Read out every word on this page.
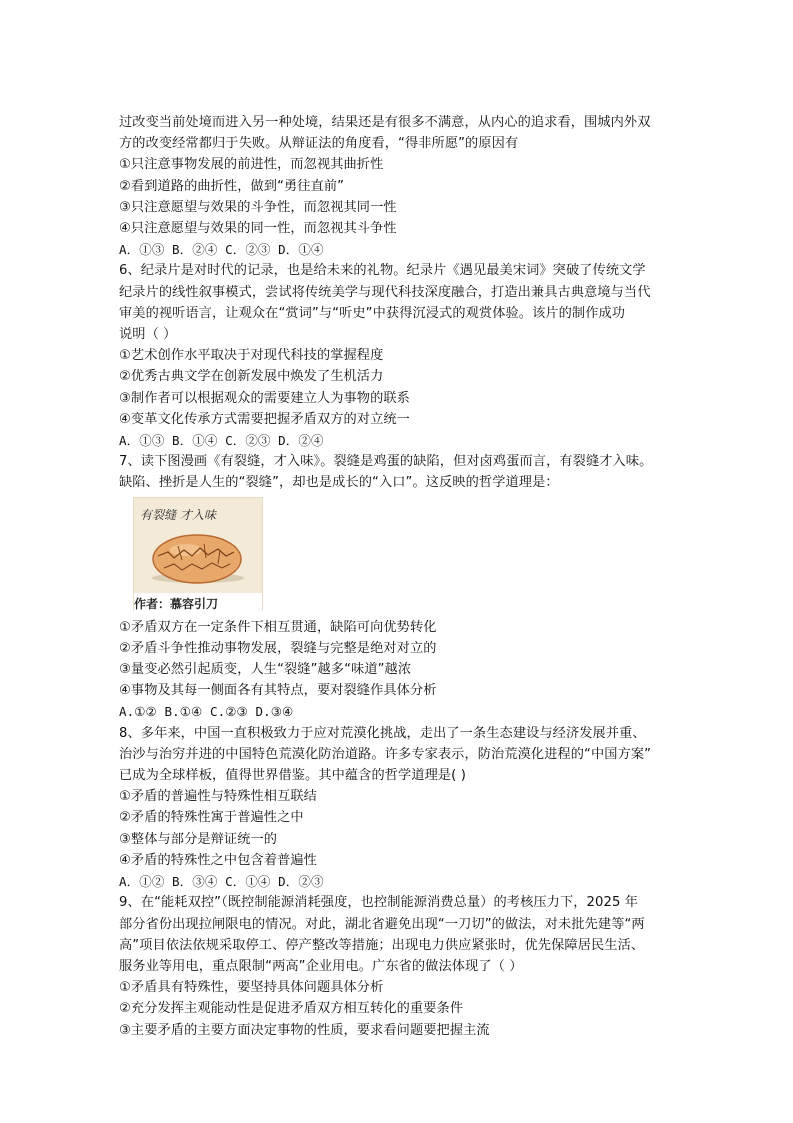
过改变当前处境而进入另一种处境，结果还是有很多不满意，从内心的追求看，围城内外双
方的改变经常都归于失败。从辩证法的角度看，“得非所愿”的原因有
①只注意事物发展的前进性，而忽视其曲折性
②看到道路的曲折性，做到“勇往直前”
③只注意愿望与效果的斗争性，而忽视其同一性
④只注意愿望与效果的同一性，而忽视其斗争性
A．①③ B．②④ C．②③ D．①④
6、纪录片是对时代的记录，也是给未来的礼物。纪录片《遇见最美宋词》突破了传统文学
纪录片的线性叙事模式，尝试将传统美学与现代科技深度融合，打造出兼具古典意境与当代
审美的视听语言，让观众在“赏词”与“听史”中获得沉浸式的观赏体验。该片的制作成功
说明（ ）
①艺术创作水平取决于对现代科技的掌握程度
②优秀古典文学在创新发展中焕发了生机活力
③制作者可以根据观众的需要建立人为事物的联系
④变革文化传承方式需要把握矛盾双方的对立统一
A．①③ B．①④ C．②③ D．②④
7、读下图漫画《有裂缝，才入味》。裂缝是鸡蛋的缺陷，但对卤鸡蛋而言，有裂缝才入味。
缺陷、挫折是人生的“裂缝”，却也是成长的“入口”。这反映的哲学道理是：
有裂缝 才入味
作者：慕容引刀
①矛盾双方在一定条件下相互贯通，缺陷可向优势转化
②矛盾斗争性推动事物发展，裂缝与完整是绝对对立的
③量变必然引起质变，人生“裂缝”越多“味道”越浓
④事物及其每一侧面各有其特点，要对裂缝作具体分析
A.①② B.①④ C.②③ D.③④
8、多年来，中国一直积极致力于应对荒漠化挑战，走出了一条生态建设与经济发展并重、
治沙与治穷并进的中国特色荒漠化防治道路。许多专家表示，防治荒漠化进程的“中国方案”
已成为全球样板，值得世界借鉴。其中蕴含的哲学道理是( )
①矛盾的普遍性与特殊性相互联结
②矛盾的特殊性寓于普遍性之中
③整体与部分是辩证统一的
④矛盾的特殊性之中包含着普遍性
A．①② B．③④ C．①④ D．②③
9、在“能耗双控”（既控制能源消耗强度，也控制能源消费总量）的考核压力下，2025 年
部分省份出现拉闸限电的情况。对此，湖北省避免出现“一刀切”的做法，对未批先建等“两
高”项目依法依规采取停工、停产整改等措施；出现电力供应紧张时，优先保障居民生活、
服务业等用电，重点限制“两高”企业用电。广东省的做法体现了（ ）
①矛盾具有特殊性，要坚持具体问题具体分析
②充分发挥主观能动性是促进矛盾双方相互转化的重要条件
③主要矛盾的主要方面决定事物的性质，要求看问题要把握主流
